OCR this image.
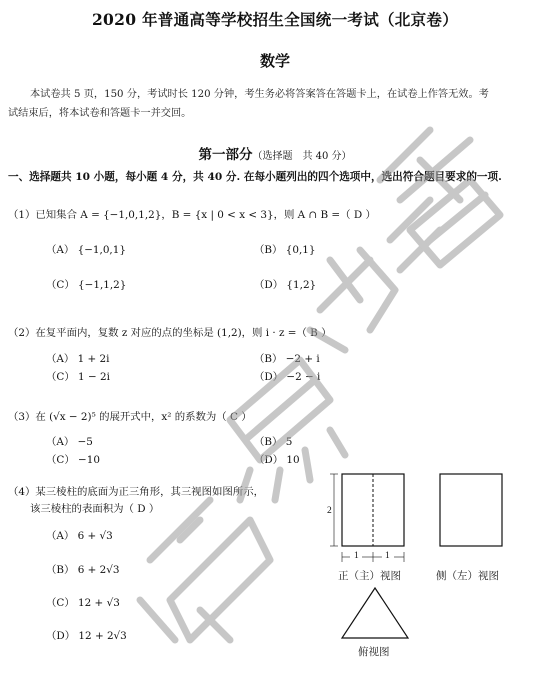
2020 年普通高等学校招生全国统一考试（北京卷）
数学
本试卷共 5 页，150 分，考试时长 120 分钟，考生务必将答案答在答题卡上，在试卷上作答无效。考
试结束后，将本试卷和答题卡一并交回。
第一部分（选择题　共 40 分）
一、选择题共 10 小题，每小题 4 分，共 40 分. 在每小题列出的四个选项中，选出符合题目要求的一项.
（1）已知集合 A = {−1,0,1,2}，B = {x | 0 < x < 3}，则 A ∩ B =（ D ）
（A） {−1,0,1}	（B） {0,1}
（C） {−1,1,2}	（D） {1,2}
（2）在复平面内，复数 z 对应的点的坐标是 (1,2)，则 i · z =（ B ）
（A） 1 + 2i	（B） −2 + i
（C） 1 − 2i	（D） −2 − i
（3）在 (√x − 2)⁵ 的展开式中，x² 的系数为（ C ）
（A） −5	（B） 5
（C） −10	（D） 10
（4）某三棱柱的底面为正三角形，其三视图如图所示，
该三棱柱的表面积为（ D ）
（A） 6 + √3
（B） 6 + 2√3
（C） 12 + √3
（D） 12 + 2√3
2
1	1
正（主）视图	侧（左）视图
俯视图
